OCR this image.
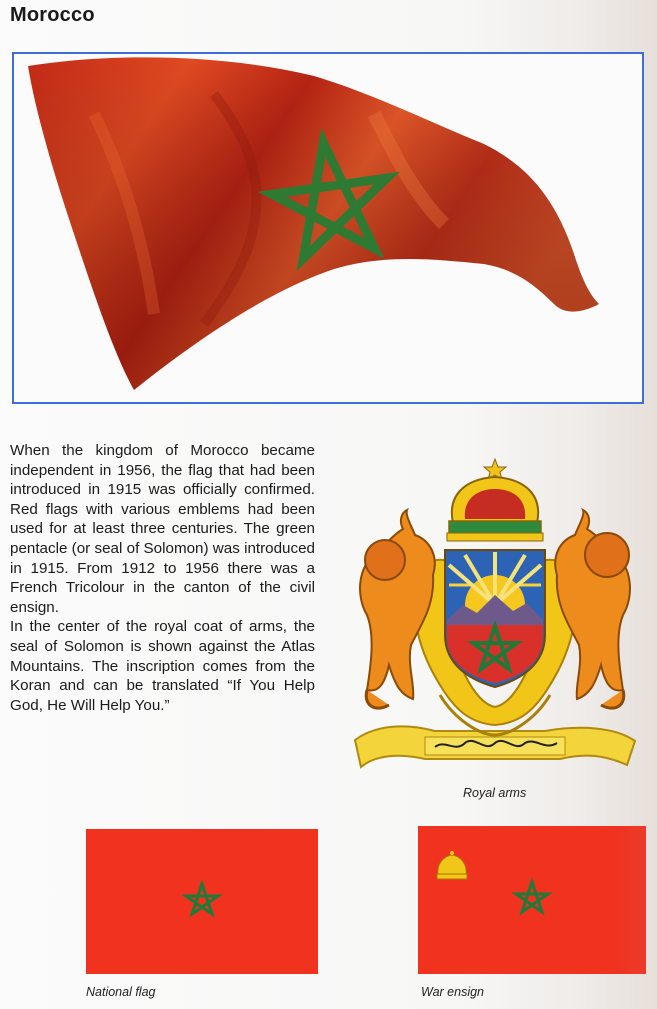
Morocco

When the kingdom of Morocco became independent in 1956, the flag that had been introduced in 1915 was officially confirmed. Red flags with various emblems had been used for at least three centuries. The green pentacle (or seal of Solomon) was introduced in 1915. From 1912 to 1956 there was a French Tricolour in the canton of the civil ensign.

In the center of the royal coat of arms, the seal of Solomon is shown against the Atlas Mountains. The inscription comes from the Koran and can be translated “If You Help God, He Will Help You.”

Royal arms
National flag	War ensign
